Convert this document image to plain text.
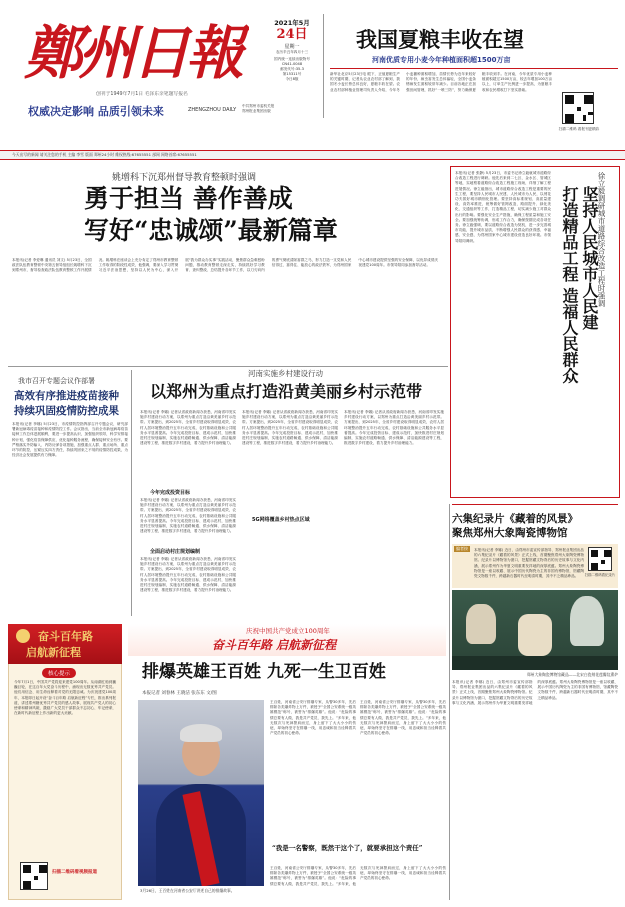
鄭州日報
创刊于1949年7月1日 毛泽东亲笔题写报名
权威决定影响 品质引领未来	ZHENGZHOU DAILY
中共郑州市委机关报
郑州报业集团出版
2021年5月
24日
星期一
农历辛丑年四月十三
国内统一连续出版物号
CN41-0048
邮发代号:35-3
第15311号
今日8版
我国夏粮丰收在望
河南优质专用小麦今年种植面积超1500万亩
新华社北京5月23日电 眼下，正值夏粮生产的关键时期，记者从农业农村部了解到，我国冬小麦长势总体良好，夏粮丰收在望。农业农村部种植业管理司负责人介绍，今年冬小麦播种面积增加，苗情长势为近年来较好的年份，病虫害发生总体偏轻，全国小麦条锈病发生面积较常年减少。目前各地正在加强田间管理，抓好“一喷三防”，努力确保夏粮丰收到手。在河南，今年优质专用小麦种植面积超过1500万亩，较去年增加100万亩以上，订单生产比例进一步提高，为夏粮丰收和农民增收打下坚实基础。
扫描二维码 看报刊更精彩
今天出写的新闻 请关注您的手机 主编 李雪 版面 郑州24小时 维权热线:67655551 部网 网络首席:67655551
姚增科下沉郑州督导教育整顿时强调
勇于担当 善作善成
写好“忠诚颂”最新篇章
本报讯(记者 李爱琳 通讯员 刘文) 5月23日，全国政法队伍教育整顿中央第五督导组组长姚增科下沉到郑州市，督导检查政法队伍教育整顿工作开展情况。姚增科在座谈会上充分肯定了郑州市教育整顿工作取得的阶段性成效，他强调，要深入学习贯彻习近平法治思想，坚持以人民为中心，深入开展“我为群众办实事”实践活动，聚焦群众急难愁盼问题，推动教育整顿走深走实，持续抓好学习教育、查纠整改、总结提升各环节工作，以刀刃向内的勇气彻底清除害群之马，努力打造一支党和人民信得过、靠得住、能放心的政法铁军，为郑州国家中心城市建设提供坚强的安全保障，以优异成绩庆祝建党100周年。市领导陪同参加督导活动。
本报讯(记者 张静) 5月23日，市委书记徐立毅就城市道路综合改造工程进行调研。他先后来到二七区、金水区、管城区等地，实地察看道路综合改造工程施工现场，详细了解工程进展情况。徐立毅指出，城市道路综合改造工程是重要的民生工程，要坚持人民城市人民建、人民城市为人民，以绣花功夫抓好城市精细化管理。要坚持高标准规划、高质量建设、高效率推进，统筹做好管网改造、路面提升、绿化美化、交通组织等工作，打造精品工程，切实减少施工对群众出行的影响。要强化安全生产措施，确保工程质量和施工安全。要加强统筹协调，形成工作合力，确保按期完成各项任务。徐立毅强调，要以道路综合改造为契机，进一步完善城市功能，提升城市品质，不断增强人民群众的获得感、幸福感、安全感，为郑州国家中心城市建设营造良好环境。市领导陪同调研。	徐立毅调研城市道路综合改造工程时强调
坚持人民城市人民建
打造精品工程 造福人民群众
我市召开专题会议作部署
高效有序推进疫苗接种 持续巩固疫情防控成果
本报讯(记者 李娜) 5月23日，市疫情防控指挥部召开专题会议，研究部署新冠病毒疫苗接种和疫情防控工作。会议指出，当前全市新冠病毒疫苗接种工作总体进展顺利，要进一步提高认识，加强组织领导，科学安排接种计划，强化疫苗保障供应，优化接种服务流程，确保接种安全有序。要严格落实外防输入、内防反弹各项措施，加强重点人群、重点场所、重点环节的防控，压紧压实四方责任，持续巩固来之不易的疫情防控成果，为经济社会发展提供有力保障。
河南实施乡村建设行动
以郑州为重点打造沿黄美丽乡村示范带
本报讯(记者 李娜) 记者从省政府新闻办获悉，河南省印发实施乡村建设行动方案，以郑州为重点打造沿黄美丽乡村示范带。方案提出，到2025年，全省乡村建设取得明显成效，农村人居环境整治提升五年行动完成，农村基础设施和公共服务水平显著提高。今年完成投资目标、建成示范村，加快推进村庄规划编制，实施农村道路畅通、供水保障、清洁能源建设等工程，推进数字乡村建设，着力提升乡村治理能力。
今年完成投资目标
本报讯(记者 李娜) 记者从省政府新闻办获悉，河南省印发实施乡村建设行动方案，以郑州为重点打造沿黄美丽乡村示范带。方案提出，到2025年，全省乡村建设取得明显成效，农村人居环境整治提升五年行动完成，农村基础设施和公共服务水平显著提高。今年完成投资目标、建成示范村，加快推进村庄规划编制，实施农村道路畅通、供水保障、清洁能源建设等工程，推进数字乡村建设，着力提升乡村治理能力。
全面启动村庄规划编制
本报讯(记者 李娜) 记者从省政府新闻办获悉，河南省印发实施乡村建设行动方案，以郑州为重点打造沿黄美丽乡村示范带。方案提出，到2025年，全省乡村建设取得明显成效，农村人居环境整治提升五年行动完成，农村基础设施和公共服务水平显著提高。今年完成投资目标、建成示范村，加快推进村庄规划编制，实施农村道路畅通、供水保障、清洁能源建设等工程，推进数字乡村建设，着力提升乡村治理能力。
本报讯(记者 李娜) 记者从省政府新闻办获悉，河南省印发实施乡村建设行动方案，以郑州为重点打造沿黄美丽乡村示范带。方案提出，到2025年，全省乡村建设取得明显成效，农村人居环境整治提升五年行动完成，农村基础设施和公共服务水平显著提高。今年完成投资目标、建成示范村，加快推进村庄规划编制，实施农村道路畅通、供水保障、清洁能源建设等工程，推进数字乡村建设，着力提升乡村治理能力。
本报讯(记者 李娜) 记者从省政府新闻办获悉，河南省印发实施乡村建设行动方案，以郑州为重点打造沿黄美丽乡村示范带。方案提出，到2025年，全省乡村建设取得明显成效，农村人居环境整治提升五年行动完成，农村基础设施和公共服务水平显著提高。今年完成投资目标、建成示范村，加快推进村庄规划编制，实施农村道路畅通、供水保障、清洁能源建设等工程，推进数字乡村建设，着力提升乡村治理能力。
5G网络覆盖乡村热点区域	六集纪录片《藏着的风景》
聚焦郑州大象陶瓷博物馆
编者按	本报讯(记者 李娜) 近日，由郑州市委宣传部指导、郑州报业集团出品的六集纪录片《藏着的风景》正式上线，首期聚焦郑州大象陶瓷博物馆。纪录片以博物馆为窗口，挖掘馆藏文物背后的历史故事与文化内涵，展示郑州作为华夏文明重要发祥地的深厚底蕴。郑州大象陶瓷博物馆是一座以收藏、展示中国历代陶瓷为主的非国有博物馆，馆藏陶瓷文物数千件，跨越新石器时代至明清时期，其中不乏精品珍品。	扫描二维码看纪录片
郑州大象陶瓷博物馆藏品——北宋白瓷刻花莲瓣纹熏炉
本报讯(记者 李娜) 近日，由郑州市委宣传部指导、郑州报业集团出品的六集纪录片《藏着的风景》正式上线，首期聚焦郑州大象陶瓷博物馆。纪录片以博物馆为窗口，挖掘馆藏文物背后的历史故事与文化内涵，展示郑州作为华夏文明重要发祥地的深厚底蕴。郑州大象陶瓷博物馆是一座以收藏、展示中国历代陶瓷为主的非国有博物馆，馆藏陶瓷文物数千件，跨越新石器时代至明清时期，其中不乏精品珍品。
奋斗百年路
启航新征程
核心提示
今年7月1日，中国共产党将迎来建党100周年。从南湖红船到巍巍巨轮，在这百年大党奋斗历程中，涌现出无数优秀共产党员。他们用信念、用生命诠释着对党的无限忠诚。为庆祝建党100周年，本报即日起开设“奋斗百年路 启航新征程”专栏，推出系列报道，讲述郑州籍优秀共产党员的感人故事，展现共产党人的初心使命和精神风貌，激励广大党员干部群众不忘初心、牢记使命，在新时代新征程上作出新的更大贡献。
扫描二维码看视频报道
庆祝中国共产党成立100周年
奋斗百年路 启航新征程
排爆英雄王百姓 九死一生卫百姓
本报记者 刘春林 王晓洁 张东东 文/图
3月26日，王百姓在河南省公安厅讲述自己的排爆故事。
王百姓，河南省公安厅排爆专家，从警30多年，先后排除各类爆炸物上万件，被授予“全国公安系统一级英雄模范”称号，被誉为“排爆英雄”。他说：“危险的事情总要有人做，我是共产党员，我先上。”多年来，他无数次与死神擦肩而过，身上留下了大大小小的伤疤，却始终坚守在排爆一线，用忠诚和担当诠释着共产党员的初心使命。
王百姓，河南省公安厅排爆专家，从警30多年，先后排除各类爆炸物上万件，被授予“全国公安系统一级英雄模范”称号，被誉为“排爆英雄”。他说：“危险的事情总要有人做，我是共产党员，我先上。”多年来，他无数次与死神擦肩而过，身上留下了大大小小的伤疤，却始终坚守在排爆一线，用忠诚和担当诠释着共产党员的初心使命。
“我是一名警察，既然干这个了，就要承担这个责任”
王百姓，河南省公安厅排爆专家，从警30多年，先后排除各类爆炸物上万件，被授予“全国公安系统一级英雄模范”称号，被誉为“排爆英雄”。他说：“危险的事情总要有人做，我是共产党员，我先上。”多年来，他无数次与死神擦肩而过，身上留下了大大小小的伤疤，却始终坚守在排爆一线，用忠诚和担当诠释着共产党员的初心使命。
